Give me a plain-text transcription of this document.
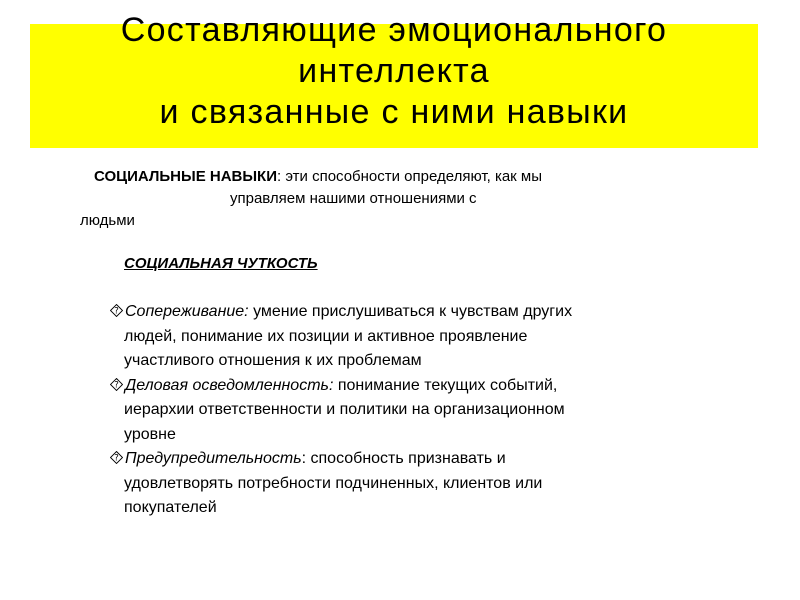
Составляющие эмоционального
интеллекта
и связанные с ними навыки
СОЦИАЛЬНЫЕ НАВЫКИ: эти способности определяют, как мы
управляем нашими отношениями с
людьми
СОЦИАЛЬНАЯ ЧУТКОСТЬ
? Сопереживание: умение прислушиваться к чувствам других
людей, понимание их позиции и активное проявление
участливого отношения к их проблемам
? Деловая осведомленность: понимание текущих событий,
иерархии ответственности и политики на организационном
уровне
? Предупредительность: способность признавать и
удовлетворять потребности подчиненных, клиентов или
покупателей
